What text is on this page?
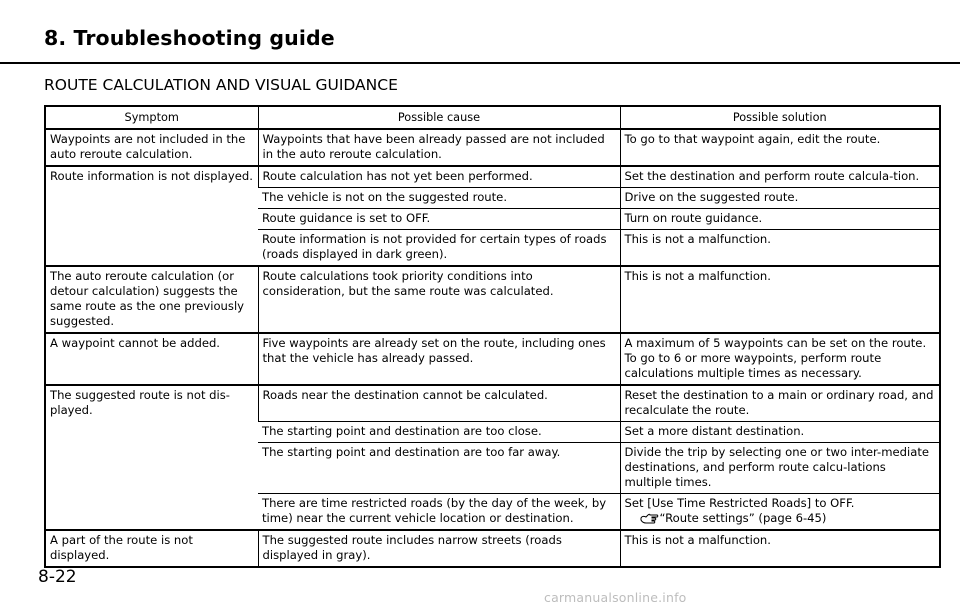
8. Troubleshooting guide
ROUTE CALCULATION AND VISUAL GUIDANCE
Symptom	Possible cause	Possible solution
Waypoints are not included in the auto reroute calculation.	Waypoints that have been already passed are not included in the auto reroute calculation.	To go to that waypoint again, edit the route.
Route information is not displayed.	Route calculation has not yet been performed.	Set the destination and perform route calcula-tion.
	The vehicle is not on the suggested route.	Drive on the suggested route.
	Route guidance is set to OFF.	Turn on route guidance.
	Route information is not provided for certain types of roads (roads displayed in dark green).	This is not a malfunction.
The auto reroute calculation (or detour calculation) suggests the same route as the one previously suggested.	Route calculations took priority conditions into consideration, but the same route was calculated.	This is not a malfunction.
A waypoint cannot be added.	Five waypoints are already set on the route, including ones that the vehicle has already passed.	A maximum of 5 waypoints can be set on the route. To go to 6 or more waypoints, perform route calculations multiple times as necessary.
The suggested route is not dis-played.	Roads near the destination cannot be calculated.	Reset the destination to a main or ordinary road, and recalculate the route.
	The starting point and destination are too close.	Set a more distant destination.
	The starting point and destination are too far away.	Divide the trip by selecting one or two inter-mediate destinations, and perform route calcu-lations multiple times.
	There are time restricted roads (by the day of the week, by time) near the current vehicle location or destination.	Set [Use Time Restricted Roads] to OFF.
“Route settings” (page 6-45)

A part of the route is not displayed.	The suggested route includes narrow streets (roads displayed in gray).	This is not a malfunction.
8-22
carmanualsonline.info
